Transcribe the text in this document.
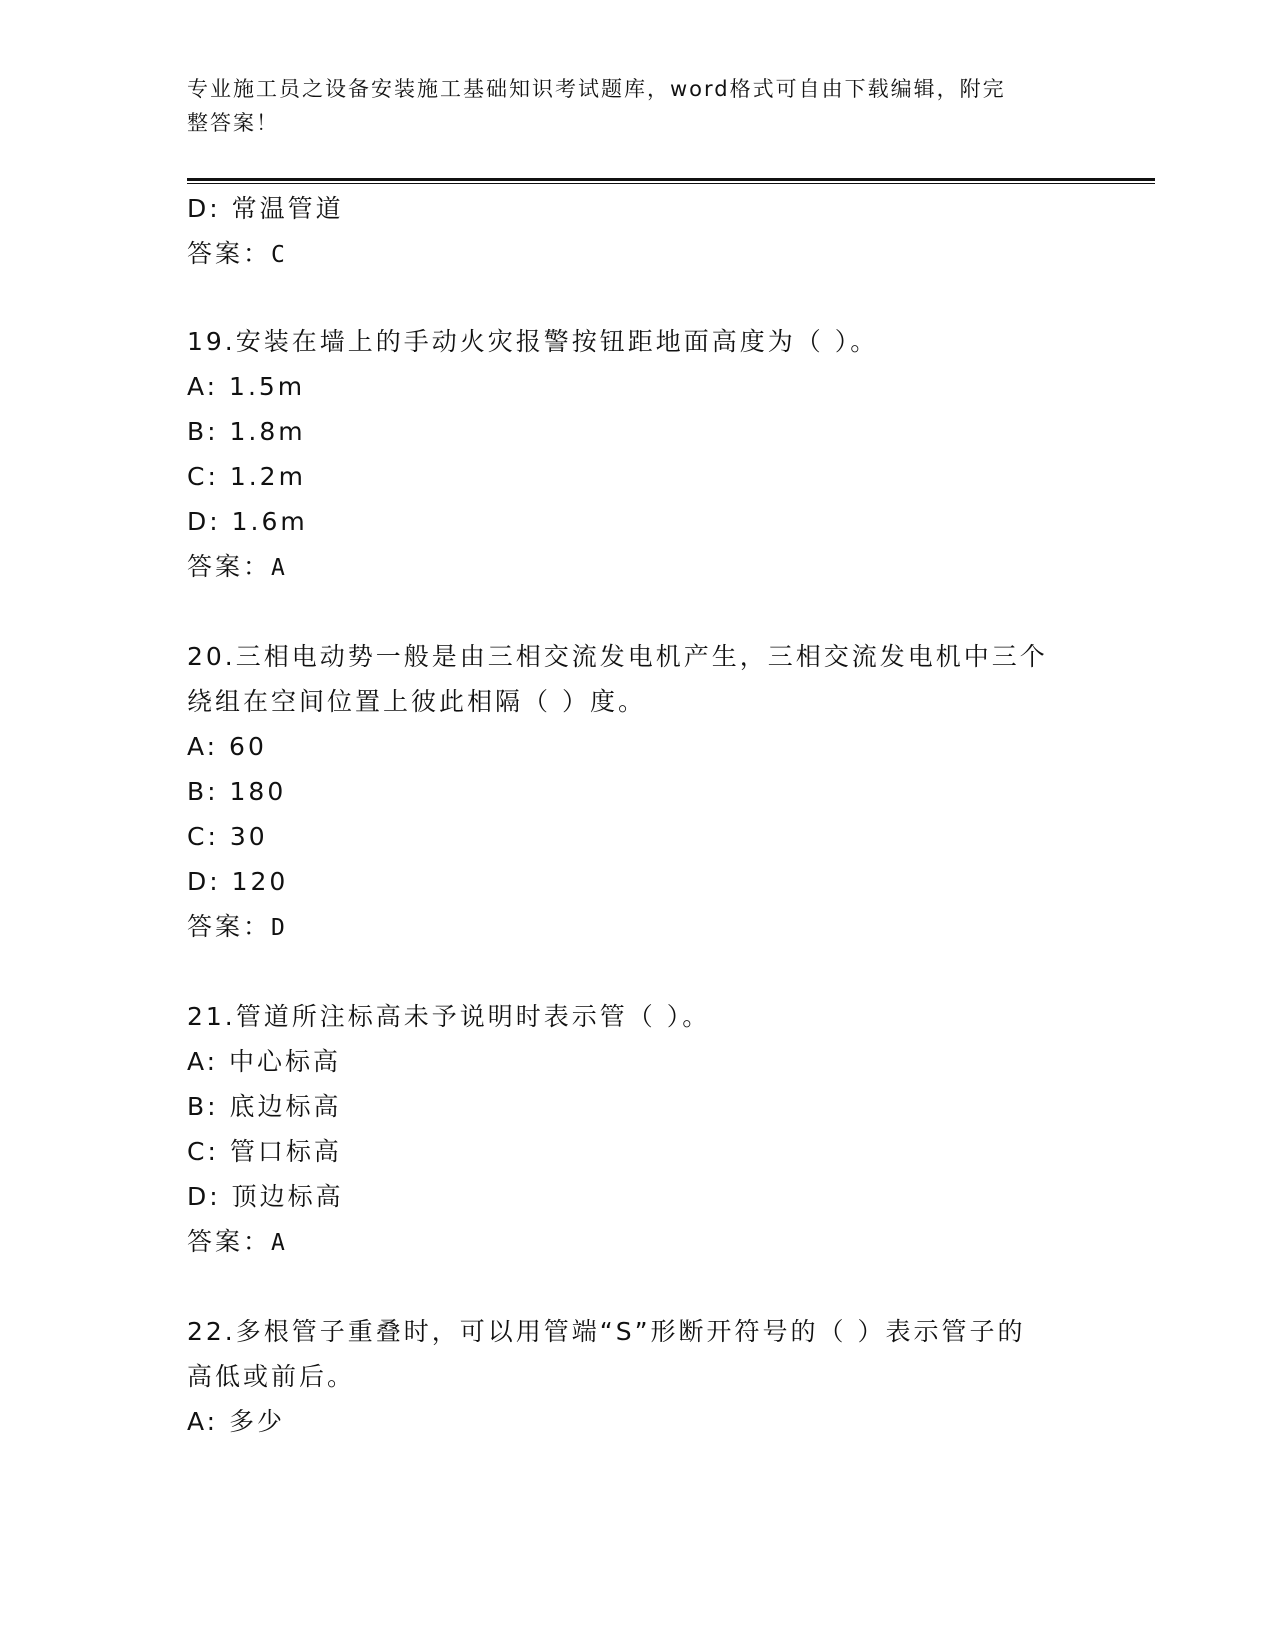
专业施工员之设备安装施工基础知识考试题库，word格式可自由下载编辑，附完
整答案！
D: 常温管道
答案：C
19.安装在墙上的手动火灾报警按钮距地面高度为（ ）。
A: 1.5m
B: 1.8m
C: 1.2m
D: 1.6m
答案：A
20.三相电动势一般是由三相交流发电机产生，三相交流发电机中三个
绕组在空间位置上彼此相隔（ ）度。
A: 60
B: 180
C: 30
D: 120
答案：D
21.管道所注标高未予说明时表示管（ ）。
A: 中心标高
B: 底边标高
C: 管口标高
D: 顶边标高
答案：A
22.多根管子重叠时，可以用管端“S”形断开符号的（ ）表示管子的
高低或前后。
A: 多少
